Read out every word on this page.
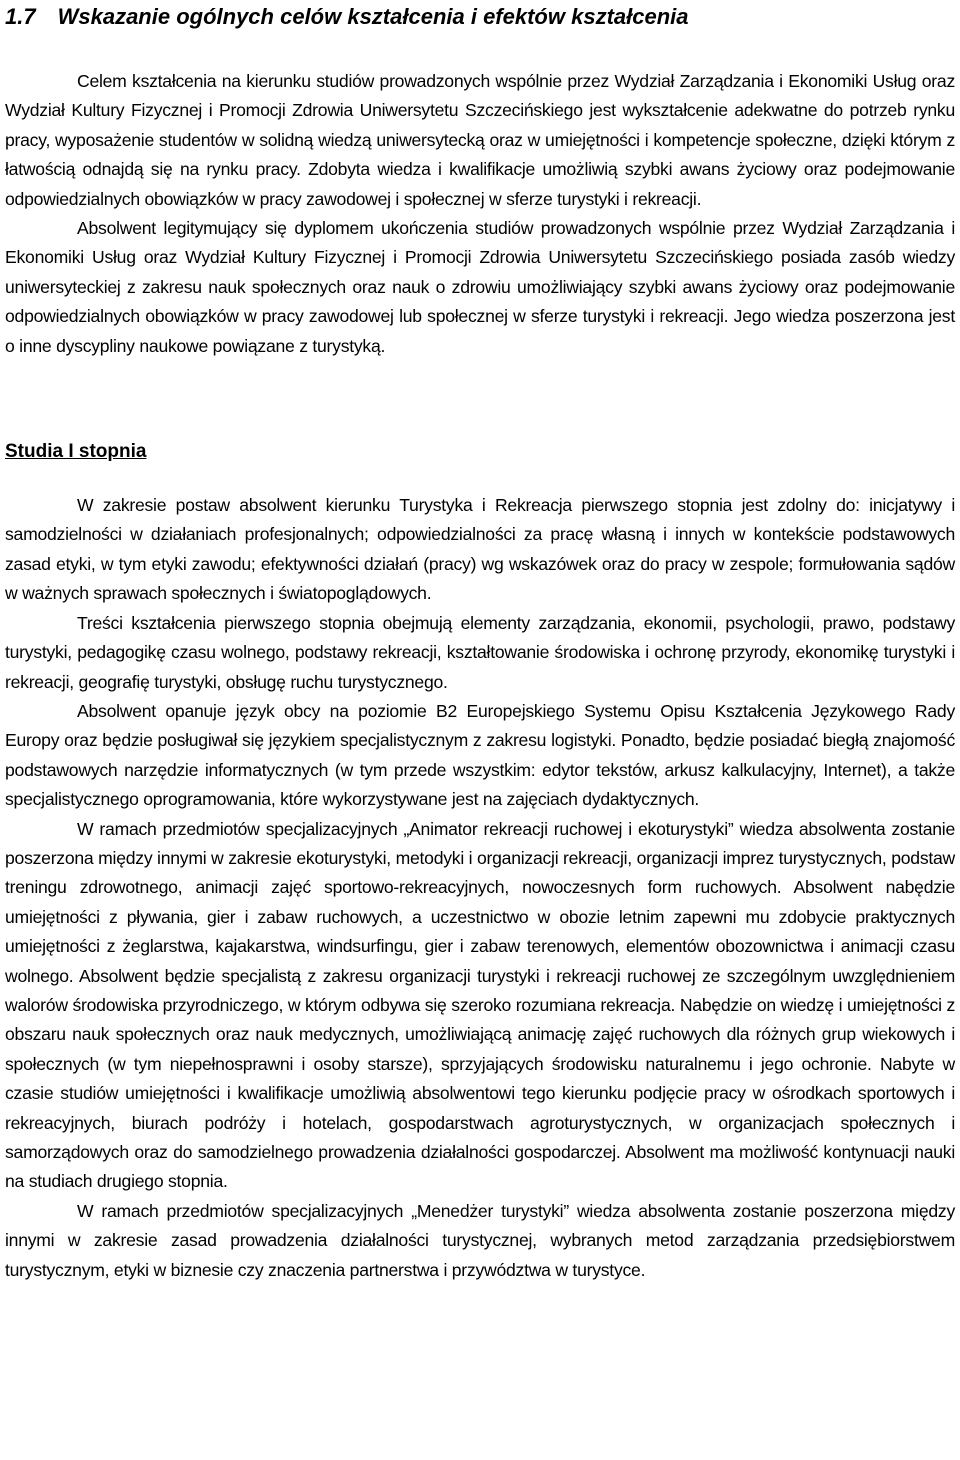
1.7 Wskazanie ogólnych celów kształcenia i efektów kształcenia

Celem kształcenia na kierunku studiów prowadzonych wspólnie przez Wydział Zarządzania i Ekonomiki Usług oraz Wydział Kultury Fizycznej i Promocji Zdrowia Uniwersytetu Szczecińskiego jest wykształcenie adekwatne do potrzeb rynku pracy, wyposażenie studentów w solidną wiedzą uniwersytecką oraz w umiejętności i kompetencje społeczne, dzięki którym z łatwością odnajdą się na rynku pracy. Zdobyta wiedza i kwalifikacje umożliwią szybki awans życiowy oraz podejmowanie odpowiedzialnych obowiązków w pracy zawodowej i społecznej w sferze turystyki i rekreacji.

Absolwent legitymujący się dyplomem ukończenia studiów prowadzonych wspólnie przez Wydział Zarządzania i Ekonomiki Usług oraz Wydział Kultury Fizycznej i Promocji Zdrowia Uniwersytetu Szczecińskiego posiada zasób wiedzy uniwersyteckiej z zakresu nauk społecznych oraz nauk o zdrowiu umożliwiający szybki awans życiowy oraz podejmowanie odpowiedzialnych obowiązków w pracy zawodowej lub społecznej w sferze turystyki i rekreacji. Jego wiedza poszerzona jest o inne dyscypliny naukowe powiązane z turystyką.

Studia I stopnia

W zakresie postaw absolwent kierunku Turystyka i Rekreacja pierwszego stopnia jest zdolny do: inicjatywy i samodzielności w działaniach profesjonalnych; odpowiedzialności za pracę własną i innych w kontekście podstawowych zasad etyki, w tym etyki zawodu; efektywności działań (pracy) wg wskazówek oraz do pracy w zespole; formułowania sądów w ważnych sprawach społecznych i światopoglądowych.

Treści kształcenia pierwszego stopnia obejmują elementy zarządzania, ekonomii, psychologii, prawo, podstawy turystyki, pedagogikę czasu wolnego, podstawy rekreacji, kształtowanie środowiska i ochronę przyrody, ekonomikę turystyki i rekreacji, geografię turystyki, obsługę ruchu turystycznego.

Absolwent opanuje język obcy na poziomie B2 Europejskiego Systemu Opisu Kształcenia Językowego Rady Europy oraz będzie posługiwał się językiem specjalistycznym z zakresu logistyki. Ponadto, będzie posiadać biegłą znajomość podstawowych narzędzie informatycznych (w tym przede wszystkim: edytor tekstów, arkusz kalkulacyjny, Internet), a także specjalistycznego oprogramowania, które wykorzystywane jest na zajęciach dydaktycznych.

W ramach przedmiotów specjalizacyjnych „Animator rekreacji ruchowej i ekoturystyki” wiedza absolwenta zostanie poszerzona między innymi w zakresie ekoturystyki, metodyki i organizacji rekreacji, organizacji imprez turystycznych, podstaw treningu zdrowotnego, animacji zajęć sportowo-rekreacyjnych, nowoczesnych form ruchowych. Absolwent nabędzie umiejętności z pływania, gier i zabaw ruchowych, a uczestnictwo w obozie letnim zapewni mu zdobycie praktycznych umiejętności z żeglarstwa, kajakarstwa, windsurfingu, gier i zabaw terenowych, elementów obozownictwa i animacji czasu wolnego. Absolwent będzie specjalistą z zakresu organizacji turystyki i rekreacji ruchowej ze szczególnym uwzględnieniem walorów środowiska przyrodniczego, w którym odbywa się szeroko rozumiana rekreacja. Nabędzie on wiedzę i umiejętności z obszaru nauk społecznych oraz nauk medycznych, umożliwiającą animację zajęć ruchowych dla różnych grup wiekowych i społecznych (w tym niepełnosprawni i osoby starsze), sprzyjających środowisku naturalnemu i jego ochronie. Nabyte w czasie studiów umiejętności i kwalifikacje umożliwią absolwentowi tego kierunku podjęcie pracy w ośrodkach sportowych i rekreacyjnych, biurach podróży i hotelach, gospodarstwach agroturystycznych, w organizacjach społecznych i samorządowych oraz do samodzielnego prowadzenia działalności gospodarczej. Absolwent ma możliwość kontynuacji nauki na studiach drugiego stopnia.

W ramach przedmiotów specjalizacyjnych „Menedżer turystyki” wiedza absolwenta zostanie poszerzona między innymi w zakresie zasad prowadzenia działalności turystycznej, wybranych metod zarządzania przedsiębiorstwem turystycznym, etyki w biznesie czy znaczenia partnerstwa i przywództwa w turystyce.
